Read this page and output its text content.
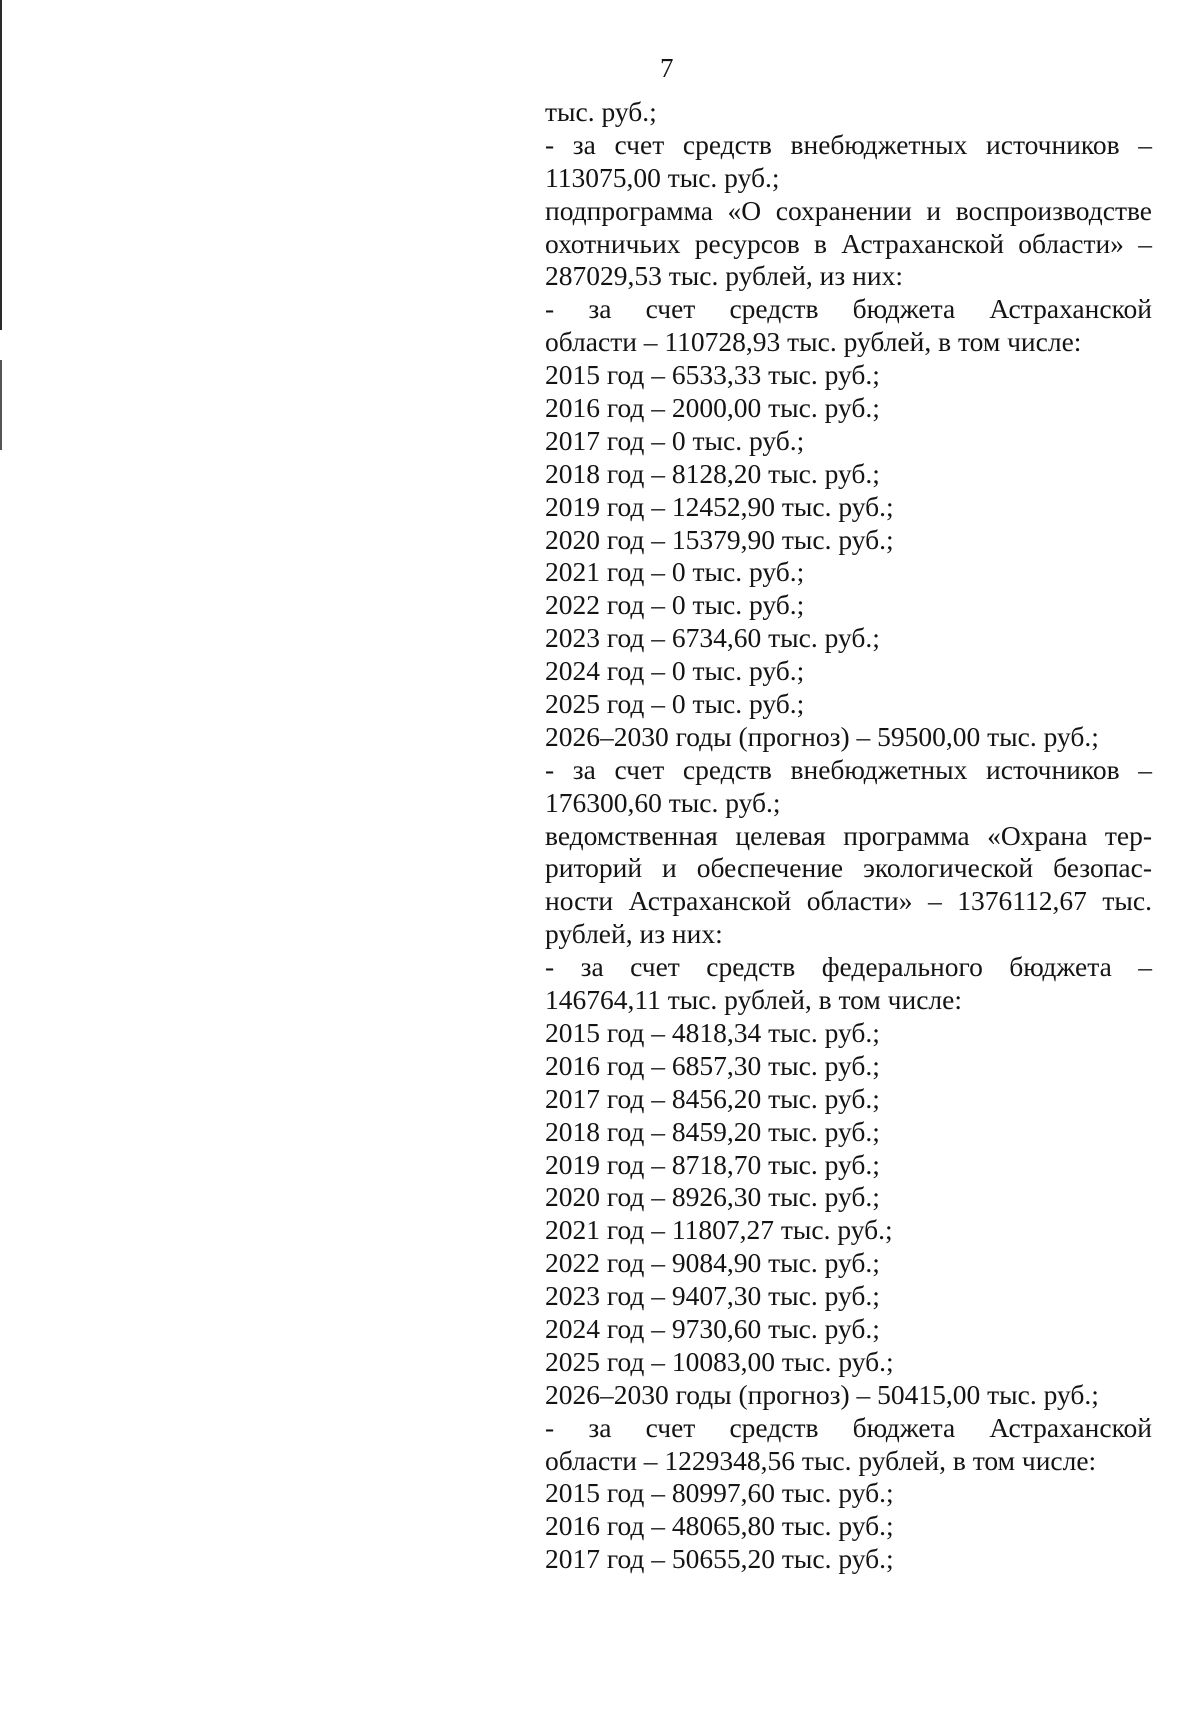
7
тыс. руб.;
- за счет средств внебюджетных источников –
113075,00 тыс. руб.;
подпрограмма «О сохранении и воспроизводстве
охотничьих ресурсов в Астраханской области» –
287029,53 тыс. рублей, из них:
- за счет средств бюджета Астраханской
области – 110728,93 тыс. рублей, в том числе:
2015 год – 6533,33 тыс. руб.;
2016 год – 2000,00 тыс. руб.;
2017 год – 0 тыс. руб.;
2018 год – 8128,20 тыс. руб.;
2019 год – 12452,90 тыс. руб.;
2020 год – 15379,90 тыс. руб.;
2021 год – 0 тыс. руб.;
2022 год – 0 тыс. руб.;
2023 год – 6734,60 тыс. руб.;
2024 год – 0 тыс. руб.;
2025 год – 0 тыс. руб.;
2026–2030 годы (прогноз) – 59500,00 тыс. руб.;
- за счет средств внебюджетных источников –
176300,60 тыс. руб.;
ведомственная целевая программа «Охрана тер-
риторий и обеспечение экологической безопас-
ности Астраханской области» – 1376112,67 тыс.
рублей, из них:
- за счет средств федерального бюджета –
146764,11 тыс. рублей, в том числе:
2015 год – 4818,34 тыс. руб.;
2016 год – 6857,30 тыс. руб.;
2017 год – 8456,20 тыс. руб.;
2018 год – 8459,20 тыс. руб.;
2019 год – 8718,70 тыс. руб.;
2020 год – 8926,30 тыс. руб.;
2021 год – 11807,27 тыс. руб.;
2022 год – 9084,90 тыс. руб.;
2023 год – 9407,30 тыс. руб.;
2024 год – 9730,60 тыс. руб.;
2025 год – 10083,00 тыс. руб.;
2026–2030 годы (прогноз) – 50415,00 тыс. руб.;
- за счет средств бюджета Астраханской
области – 1229348,56 тыс. рублей, в том числе:
2015 год – 80997,60 тыс. руб.;
2016 год – 48065,80 тыс. руб.;
2017 год – 50655,20 тыс. руб.;
